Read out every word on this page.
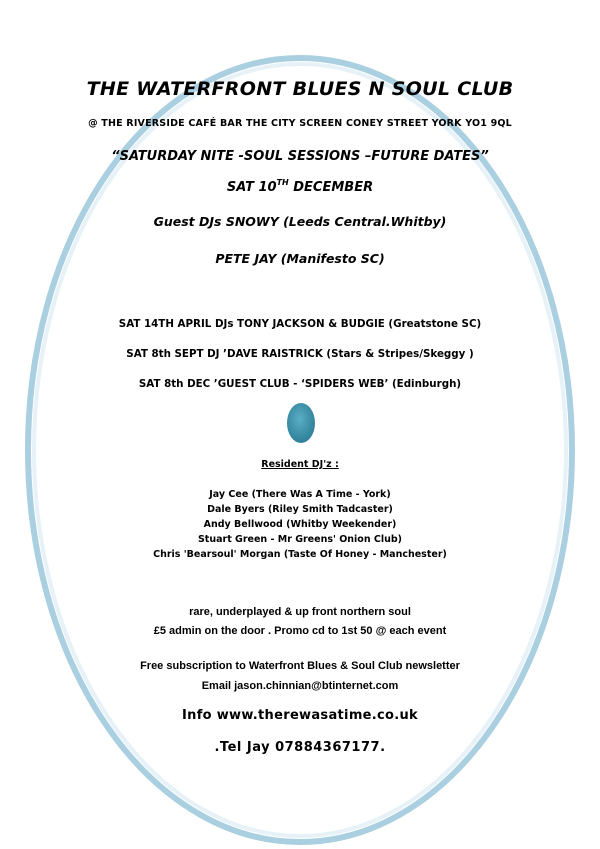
THE WATERFRONT BLUES N SOUL CLUB
@ THE RIVERSIDE CAFÉ BAR THE CITY SCREEN CONEY STREET YORK YO1 9QL
“SATURDAY NITE -SOUL SESSIONS –FUTURE DATES”
SAT 10TH DECEMBER
Guest DJs SNOWY (Leeds Central.Whitby)
PETE JAY (Manifesto SC)
SAT 14TH APRIL DJs TONY JACKSON & BUDGIE (Greatstone SC)
SAT 8th SEPT DJ ’DAVE RAISTRICK (Stars & Stripes/Skeggy )
SAT 8th DEC ’GUEST CLUB - ‘SPIDERS WEB’ (Edinburgh)
Resident DJ'z :
Jay Cee (There Was A Time - York)
Dale Byers (Riley Smith Tadcaster)
Andy Bellwood (Whitby Weekender)
Stuart Green - Mr Greens' Onion Club)
Chris 'Bearsoul' Morgan (Taste Of Honey - Manchester)
rare, underplayed & up front northern soul
£5 admin on the door . Promo cd to 1st 50 @ each event
Free subscription to Waterfront Blues & Soul Club newsletter
Email jason.chinnian@btinternet.com
Info www.therewasatime.co.uk
.Tel Jay 07884367177.
